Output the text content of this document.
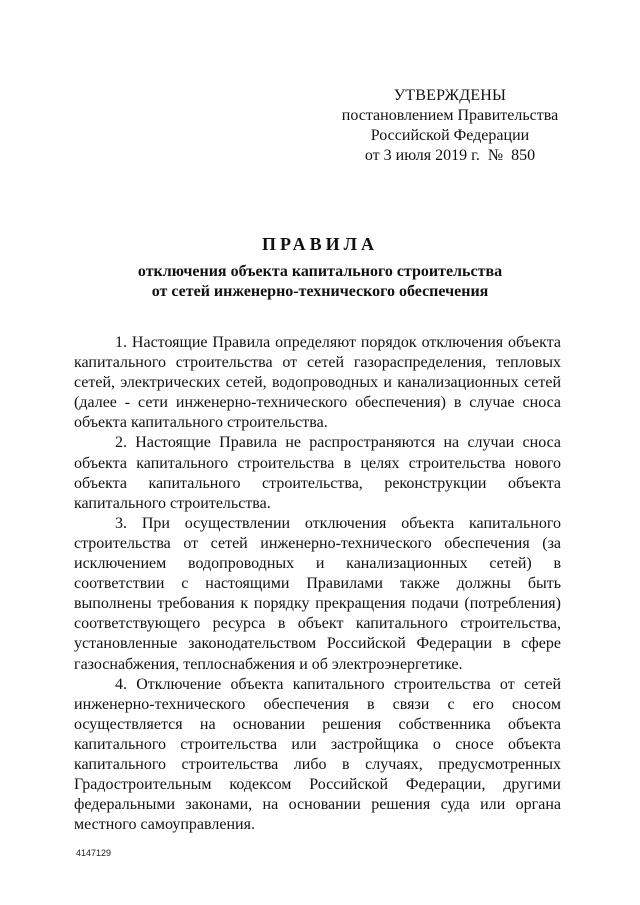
УТВЕРЖДЕНЫ
постановлением Правительства
Российской Федерации
от 3 июля 2019 г.  №  850
ПРАВИЛА
отключения объекта капитального строительства
от сетей инженерно-технического обеспечения

1. Настоящие Правила определяют порядок отключения объекта капитального строительства от сетей газораспределения, тепловых сетей, электрических сетей, водопроводных и канализационных сетей (далее - сети инженерно-технического обеспечения) в случае сноса объекта капитального строительства.

2. Настоящие Правила не распространяются на случаи сноса объекта капитального строительства в целях строительства нового объекта капитального строительства, реконструкции объекта капитального строительства.

3. При осуществлении отключения объекта капитального строительства от сетей инженерно-технического обеспечения (за исключением водопроводных и канализационных сетей) в соответствии с настоящими Правилами также должны быть выполнены требования к порядку прекращения подачи (потребления) соответствующего ресурса в объект капитального строительства, установленные законодательством Российской Федерации в сфере газоснабжения, теплоснабжения и об электроэнергетике.

4. Отключение объекта капитального строительства от сетей инженерно-технического обеспечения в связи с его сносом осуществляется на основании решения собственника объекта капитального строительства или застройщика о сносе объекта капитального строительства либо в случаях, предусмотренных Градостроительным кодексом Российской Федерации, другими федеральными законами, на основании решения суда или органа местного самоуправления.

4147129
